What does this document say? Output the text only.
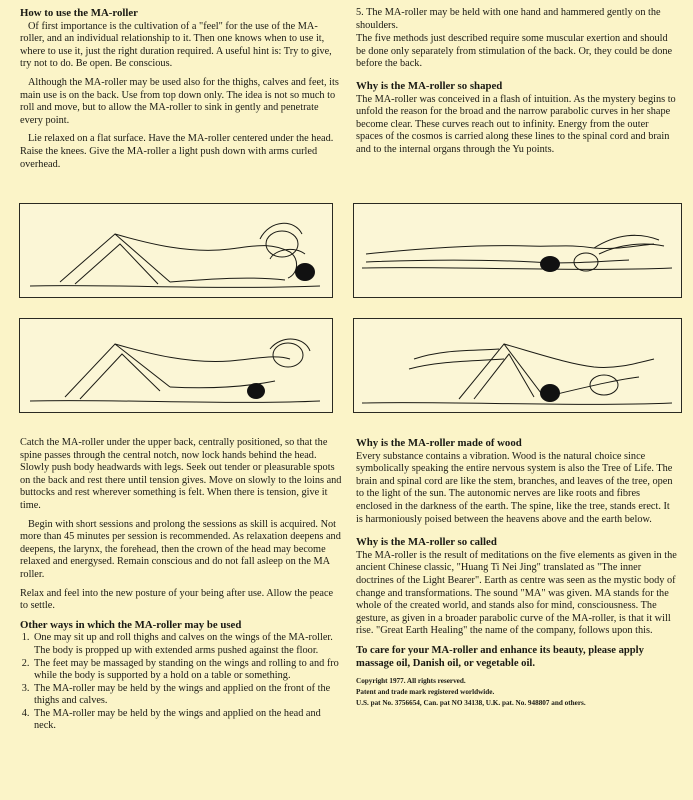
How to use the MA-roller

Of first importance is the cultivation of a "feel" for the use of the MA-roller, and an individual relationship to it. Then one knows when to use it, where to use it, just the right duration required. A useful hint is: Try to give, try not to do. Be open. Be conscious.

Although the MA-roller may be used also for the thighs, calves and feet, its main use is on the back. Use from top down only. The idea is not so much to roll and move, but to allow the MA-roller to sink in gently and penetrate every point.

Lie relaxed on a flat surface. Have the MA-roller centered under the head. Raise the knees. Give the MA-roller a light push down with arms curled overhead.

5. The MA-roller may be held with one hand and hammered gently on the shoulders.

The five methods just described require some muscular exertion and should be done only separately from stimulation of the back. Or, they could be done before the back.

Why is the MA-roller so shaped

The MA-roller was conceived in a flash of intuition. As the mystery begins to unfold the reason for the broad and the narrow parabolic curves in her shape become clear. These curves reach out to infinity. Energy from the outer spaces of the cosmos is carried along these lines to the spinal cord and brain and to the internal organs through the Yu points.

Catch the MA-roller under the upper back, centrally positioned, so that the spine passes through the central notch, now lock hands behind the head. Slowly push body headwards with legs. Seek out tender or pleasurable spots on the back and rest there until tension gives. Move on slowly to the loins and buttocks and rest wherever something is felt. When there is tension, give it time.

Begin with short sessions and prolong the sessions as skill is acquired. Not more than 45 minutes per session is recommended. As relaxation deepens and deepens, the larynx, the forehead, then the crown of the head may become relaxed and energysed. Remain conscious and do not fall asleep on the MA roller.

Relax and feel into the new posture of your being after use. Allow the peace to settle.

Other ways in which the MA-roller may be used
1. One may sit up and roll thighs and calves on the wings of the MA-roller. The body is propped up with extended arms pushed against the floor.
2. The feet may be massaged by standing on the wings and rolling to and fro while the body is supported by a hold on a table or something.
3. The MA-roller may be held by the wings and applied on the front of the thighs and calves.
4. The MA-roller may be held by the wings and applied on the head and neck.
Why is the MA-roller made of wood

Every substance contains a vibration. Wood is the natural choice since symbolically speaking the entire nervous system is also the Tree of Life. The brain and spinal cord are like the stem, branches, and leaves of the tree, open to the light of the sun. The autonomic nerves are like roots and fibres enclosed in the darkness of the earth. The spine, like the tree, stands erect. It is harmoniously poised between the heavens above and the earth below.

Why is the MA-roller so called

The MA-roller is the result of meditations on the five elements as given in the ancient Chinese classic, "Huang Ti Nei Jing" translated as "The inner doctrines of the Light Bearer". Earth as centre was seen as the mystic body of change and transformations. The sound "MA" was given. MA stands for the whole of the created world, and stands also for mind, consciousness. The gesture, as given in a broader parabolic curve of the MA-roller, is that it will rise. "Great Earth Healing" the name of the company, follows upon this.

To care for your MA-roller and enhance its beauty, please apply massage oil, Danish oil, or vegetable oil.

Copyright 1977. All rights reserved.
Patent and trade mark registered worldwide.
U.S. pat No. 3756654, Can. pat NO 34138, U.K. pat. No. 948807 and others.
